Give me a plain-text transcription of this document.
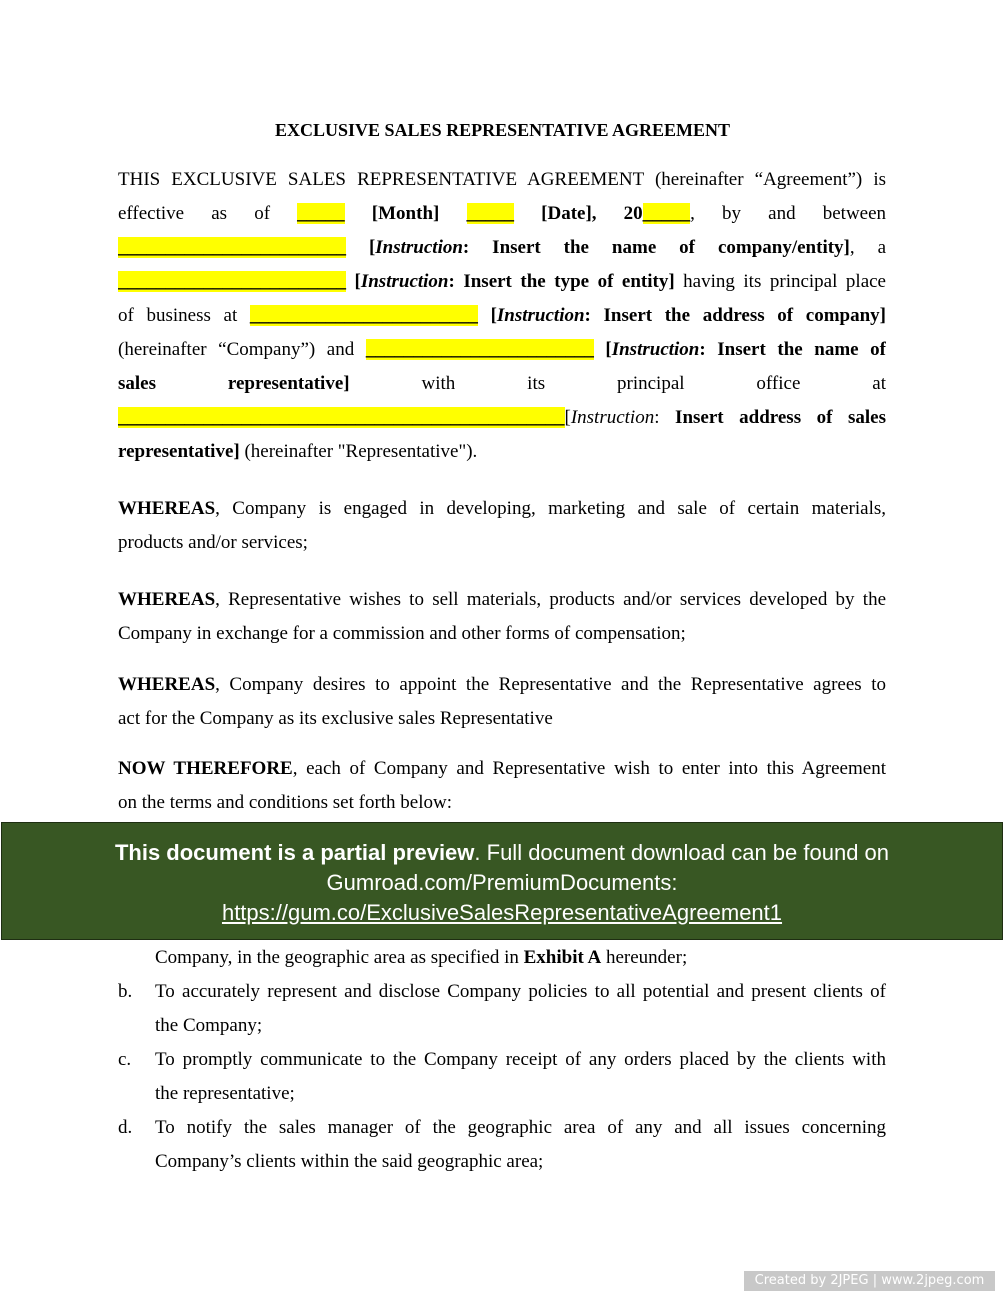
EXCLUSIVE SALES REPRESENTATIVE AGREEMENT
THIS EXCLUSIVE SALES REPRESENTATIVE AGREEMENT (hereinafter “Agreement”) is
effective as of _____ [Month] _____ [Date], 20_____, by and between
________________________ [Instruction: Insert the name of company/entity], a
________________________ [Instruction: Insert the type of entity] having its principal place
of business at ________________________ [Instruction: Insert the address of company]
(hereinafter “Company”) and ________________________ [Instruction: Insert the name of
sales representative] with its principal office at
_______________________________________________[Instruction: Insert address of sales
representative] (hereinafter "Representative").
WHEREAS, Company is engaged in developing, marketing and sale of certain materials,
products and/or services;
WHEREAS, Representative wishes to sell materials, products and/or services developed by the
Company in exchange for a commission and other forms of compensation;
WHEREAS, Company desires to appoint the Representative and the Representative agrees to
act for the Company as its exclusive sales Representative
NOW THEREFORE, each of Company and Representative wish to enter into this Agreement
on the terms and conditions set forth below:
Company, in the geographic area as specified in Exhibit A hereunder;
To accurately represent and disclose Company policies to all potential and present clients of
the Company;
To promptly communicate to the Company receipt of any orders placed by the clients with
the representative;
To notify the sales manager of the geographic area of any and all issues concerning
Company’s clients within the said geographic area;
b.
c.
d.
This document is a partial preview. Full document download can be found on
Gumroad.com/PremiumDocuments:
https://gum.co/ExclusiveSalesRepresentativeAgreement1
Created by 2JPEG | www.2jpeg.com
